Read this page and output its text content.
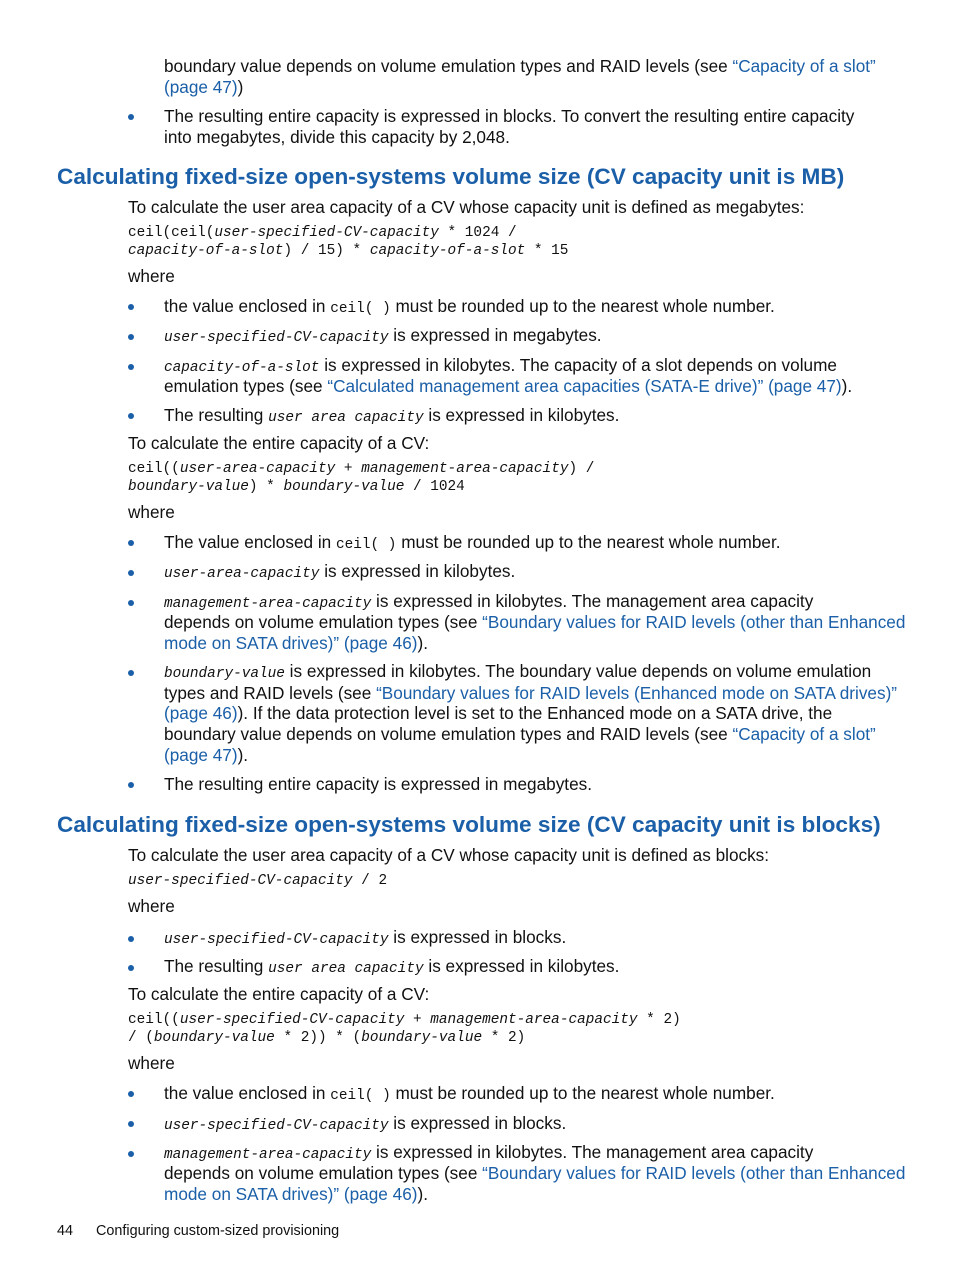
boundary value depends on volume emulation types and RAID levels (see “Capacity of a slot”

(page 47))

The resulting entire capacity is expressed in blocks. To convert the resulting entire capacity

into megabytes, divide this capacity by 2,048.

Calculating fixed-size open-systems volume size (CV capacity unit is MB)

To calculate the user area capacity of a CV whose capacity unit is defined as megabytes:

ceil(ceil(user-specified-CV-capacity * 1024 /
capacity-of-a-slot) / 15) * capacity-of-a-slot * 15

where

the value enclosed in ceil( ) must be rounded up to the nearest whole number.

user-specified-CV-capacity is expressed in megabytes.

capacity-of-a-slot is expressed in kilobytes. The capacity of a slot depends on volume

emulation types (see “Calculated management area capacities (SATA-E drive)” (page 47)).

The resulting user area capacity is expressed in kilobytes.

To calculate the entire capacity of a CV:

ceil((user-area-capacity + management-area-capacity) /
boundary-value) * boundary-value / 1024

where

The value enclosed in ceil( ) must be rounded up to the nearest whole number.

user-area-capacity is expressed in kilobytes.

management-area-capacity is expressed in kilobytes. The management area capacity

depends on volume emulation types (see “Boundary values for RAID levels (other than Enhanced

mode on SATA drives)” (page 46)).

boundary-value is expressed in kilobytes. The boundary value depends on volume emulation

types and RAID levels (see “Boundary values for RAID levels (Enhanced mode on SATA drives)”

(page 46)). If the data protection level is set to the Enhanced mode on a SATA drive, the

boundary value depends on volume emulation types and RAID levels (see “Capacity of a slot”

(page 47)).

The resulting entire capacity is expressed in megabytes.

Calculating fixed-size open-systems volume size (CV capacity unit is blocks)

To calculate the user area capacity of a CV whose capacity unit is defined as blocks:

user-specified-CV-capacity / 2

where

user-specified-CV-capacity is expressed in blocks.

The resulting user area capacity is expressed in kilobytes.

To calculate the entire capacity of a CV:

ceil((user-specified-CV-capacity + management-area-capacity * 2)
/ (boundary-value * 2)) * (boundary-value * 2)

where

the value enclosed in ceil( ) must be rounded up to the nearest whole number.

user-specified-CV-capacity is expressed in blocks.

management-area-capacity is expressed in kilobytes. The management area capacity

depends on volume emulation types (see “Boundary values for RAID levels (other than Enhanced

mode on SATA drives)” (page 46)).

44 Configuring custom-sized provisioning
